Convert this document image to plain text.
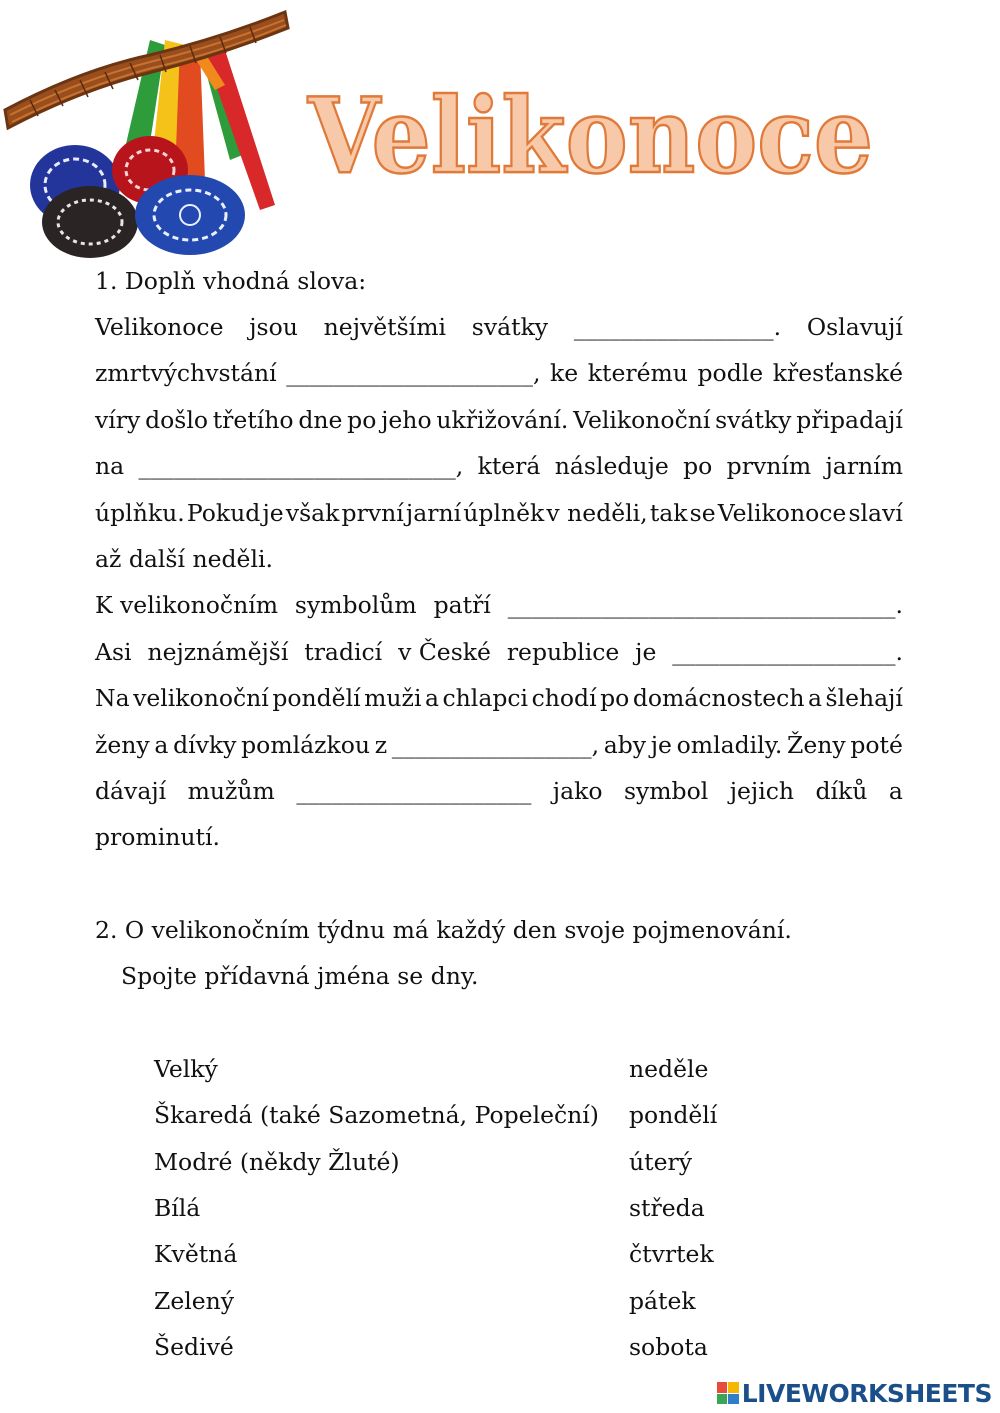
Velikonoce
1. Doplň vhodná slova:
Velikonoce jsou největšími svátky _________________. Oslavují
zmrtvýchvstání _____________________, ke kterému podle křesťanské
víry došlo třetího dne po jeho ukřižování. Velikonoční svátky připadají
na ___________________________, která následuje po prvním jarním
úplňku. Pokud je však první jarní úplněk v neděli, tak se Velikonoce slaví
až další neděli.
K velikonočním symbolům patří _________________________________.
Asi nejznámější tradicí v České republice je ___________________.
Na velikonoční pondělí muži a chlapci chodí po domácnostech a šlehají
ženy a dívky pomlázkou z _________________, aby je omladily. Ženy poté
dávají mužům ____________________ jako symbol jejich díků a
prominutí.
2. O velikonočním týdnu má každý den svoje pojmenování.
Spojte přídavná jména se dny.
Velký
Škaredá (také Sazometná, Popeleční)
Modré (někdy Žluté)
Bílá
Květná
Zelený
Šedivé
neděle
pondělí
úterý
středa
čtvrtek
pátek
sobota
LIVEWORKSHEETS
